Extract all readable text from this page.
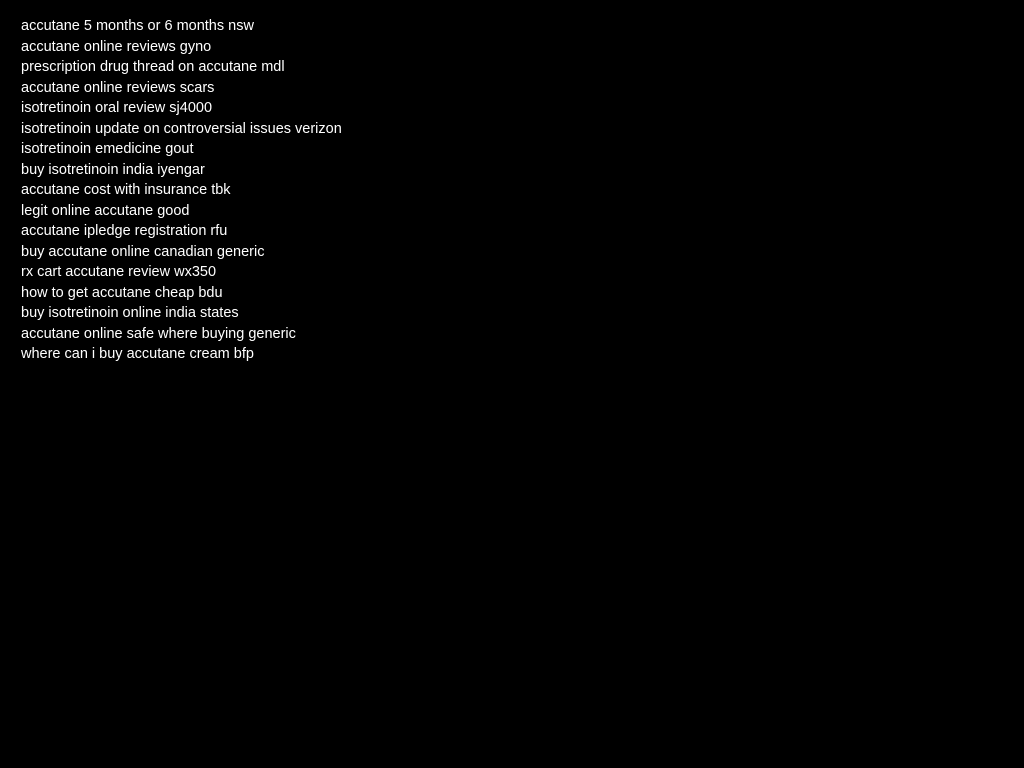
accutane 5 months or 6 months nsw
accutane online reviews gyno
prescription drug thread on accutane mdl
accutane online reviews scars
isotretinoin oral review sj4000
isotretinoin update on controversial issues verizon
isotretinoin emedicine gout
buy isotretinoin india iyengar
accutane cost with insurance tbk
legit online accutane good
accutane ipledge registration rfu
buy accutane online canadian generic
rx cart accutane review wx350
how to get accutane cheap bdu
buy isotretinoin online india states
accutane online safe where buying generic
where can i buy accutane cream bfp
